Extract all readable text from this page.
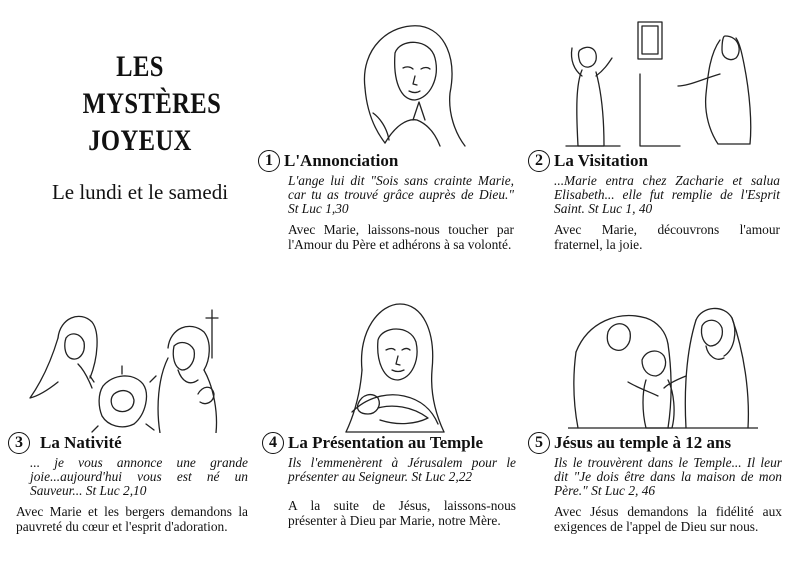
LES
MYSTÈRES
JOYEUX
Le lundi et le samedi
1 L'Annonciation
L'ange lui dit "Sois sans crainte Marie, car tu as trouvé grâce auprès de Dieu." St Luc 1,30
Avec Marie, laissons-nous toucher par l'Amour du Père et adhérons à sa volonté.
2 La Visitation
...Marie entra chez Zacharie et salua Elisabeth... elle fut remplie de l'Esprit Saint. St Luc 1, 40
Avec Marie, découvrons l'amour fraternel, la joie.
3	La Nativité
... je vous annonce une grande joie...aujourd'hui vous est né un Sauveur... St Luc 2,10
Avec Marie et les bergers demandons la pauvreté du cœur et l'esprit d'adoration.
4 La Présentation au Temple
Ils l'emmenèrent à Jérusalem pour le présenter au Seigneur. St Luc 2,22
A la suite de Jésus, laissons-nous présenter à Dieu par Marie, notre Mère.
5 Jésus au temple à 12 ans
Ils le trouvèrent dans le Temple... Il leur dit "Je dois être dans la maison de mon Père." St Luc 2, 46
Avec Jésus demandons la fidélité aux exigences de l'appel de Dieu sur nous.
